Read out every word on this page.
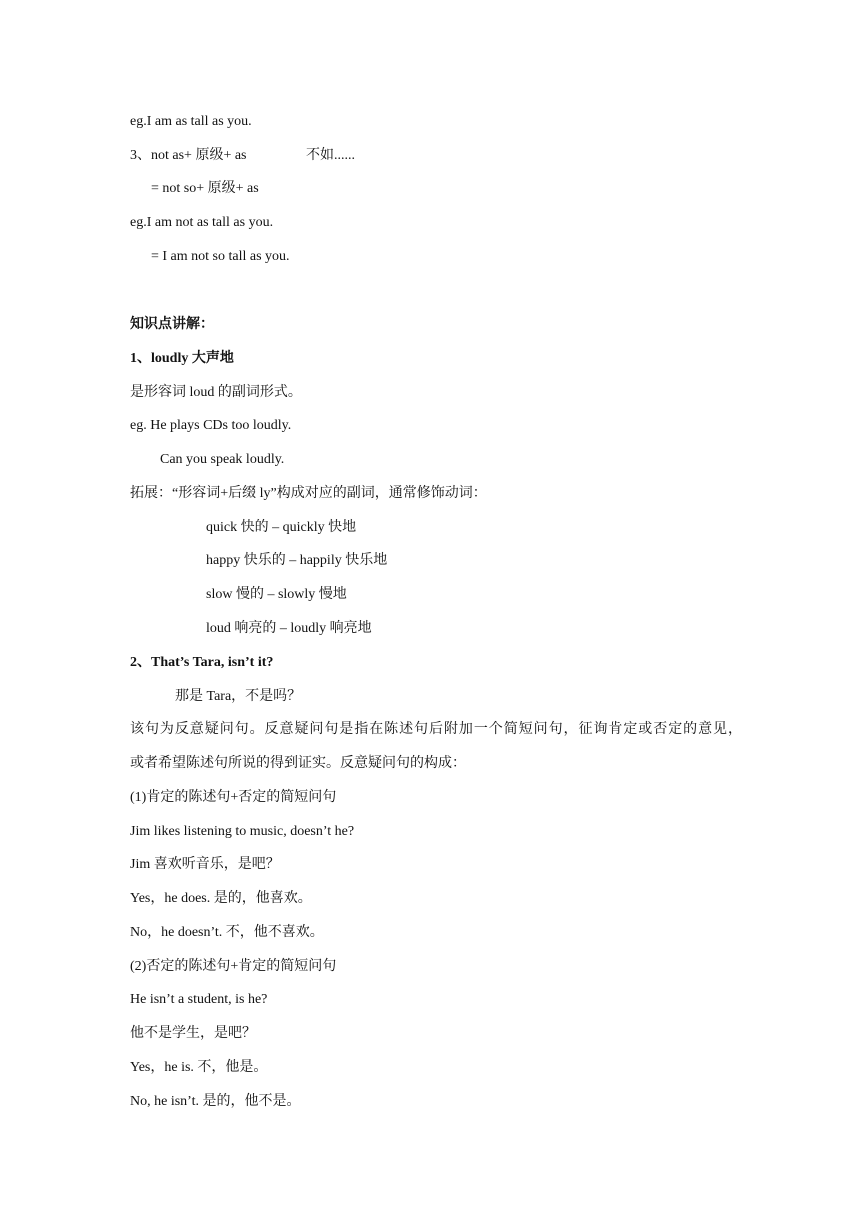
eg.I am as tall as you.
3、not as+ 原级+ as	不如......
= not so+ 原级+ as
eg.I am not as tall as you.
= I am not so tall as you.
知识点讲解：
1、loudly 大声地
是形容词 loud 的副词形式。
eg. He plays CDs too loudly.
Can you speak loudly.
拓展：“形容词+后缀 ly”构成对应的副词，通常修饰动词：
quick 快的 – quickly 快地
happy 快乐的 – happily 快乐地
slow 慢的 – slowly 慢地
loud 响亮的 – loudly 响亮地
2、That’s Tara, isn’t it?
那是 Tara，不是吗？
该句为反意疑问句。反意疑问句是指在陈述句后附加一个简短问句，征询肯定或否定的意见，
或者希望陈述句所说的得到证实。反意疑问句的构成：
(1)肯定的陈述句+否定的简短问句
Jim likes listening to music, doesn’t he?
Jim 喜欢听音乐，是吧？
Yes，he does. 是的，他喜欢。
No，he doesn’t. 不，他不喜欢。
(2)否定的陈述句+肯定的简短问句
He isn’t a student, is he?
他不是学生，是吧？
Yes，he is. 不，他是。
No, he isn’t. 是的，他不是。
